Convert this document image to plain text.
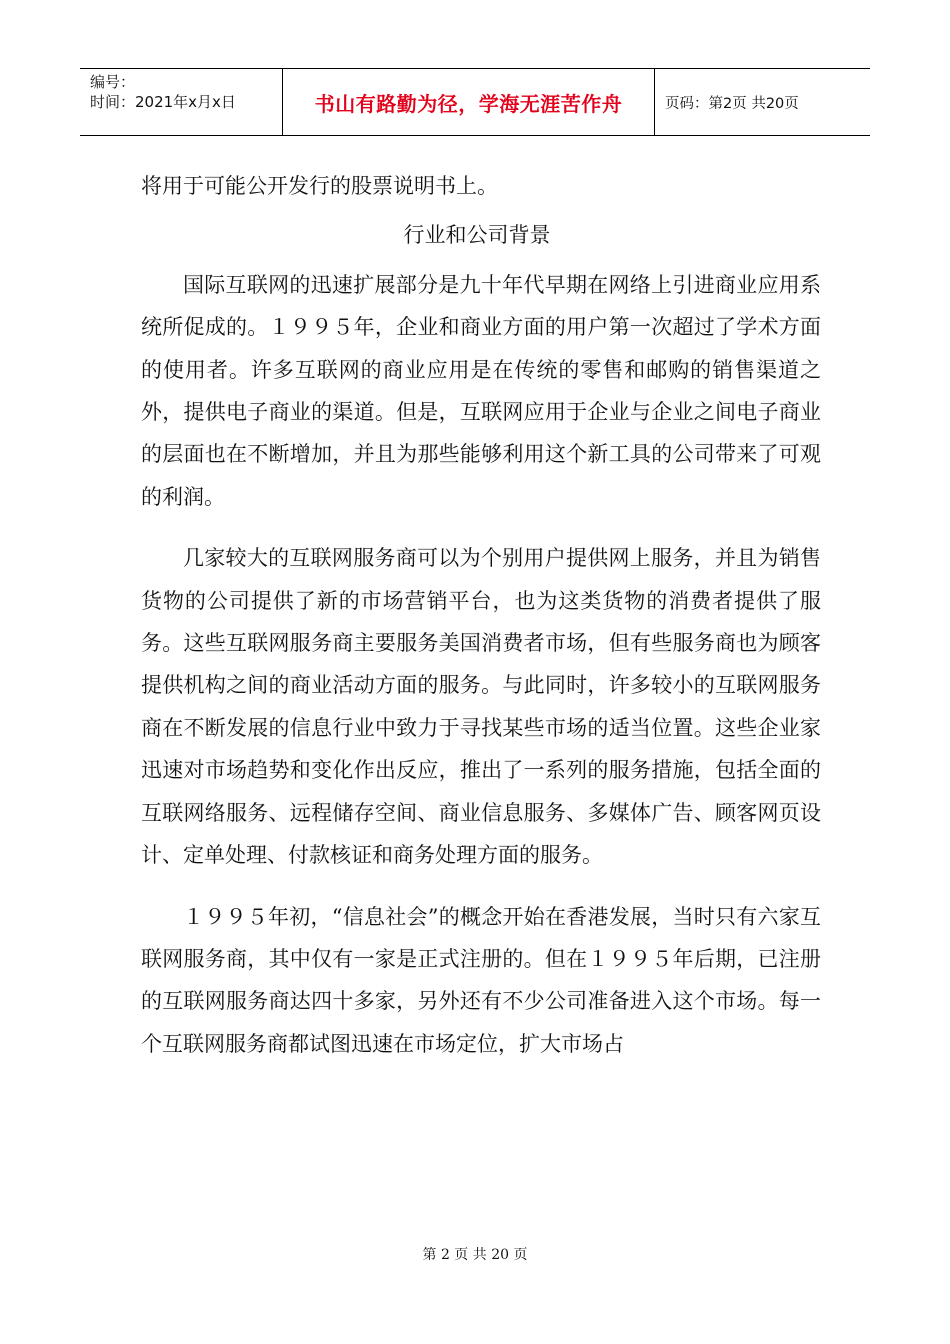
编号：
时间：2021年x月x日	书山有路勤为径，学海无涯苦作舟	页码：第2页 共20页

将用于可能公开发行的股票说明书上。

行业和公司背景

国际互联网的迅速扩展部分是九十年代早期在网络上引进商业应用系统所促成的。１９９５年，企业和商业方面的用户第一次超过了学术方面的使用者。许多互联网的商业应用是在传统的零售和邮购的销售渠道之外，提供电子商业的渠道。但是，互联网应用于企业与企业之间电子商业的层面也在不断增加，并且为那些能够利用这个新工具的公司带来了可观的利润。

几家较大的互联网服务商可以为个别用户提供网上服务，并且为销售货物的公司提供了新的市场营销平台，也为这类货物的消费者提供了服务。这些互联网服务商主要服务美国消费者市场，但有些服务商也为顾客提供机构之间的商业活动方面的服务。与此同时，许多较小的互联网服务商在不断发展的信息行业中致力于寻找某些市场的适当位置。这些企业家迅速对市场趋势和变化作出反应，推出了一系列的服务措施，包括全面的互联网络服务、远程储存空间、商业信息服务、多媒体广告、顾客网页设计、定单处理、付款核证和商务处理方面的服务。

１９９５年初，“信息社会”的概念开始在香港发展，当时只有六家互联网服务商，其中仅有一家是正式注册的。但在１９９５年后期，已注册的互联网服务商达四十多家，另外还有不少公司准备进入这个市场。每一个互联网服务商都试图迅速在市场定位，扩大市场占

第 2 页 共 20 页
